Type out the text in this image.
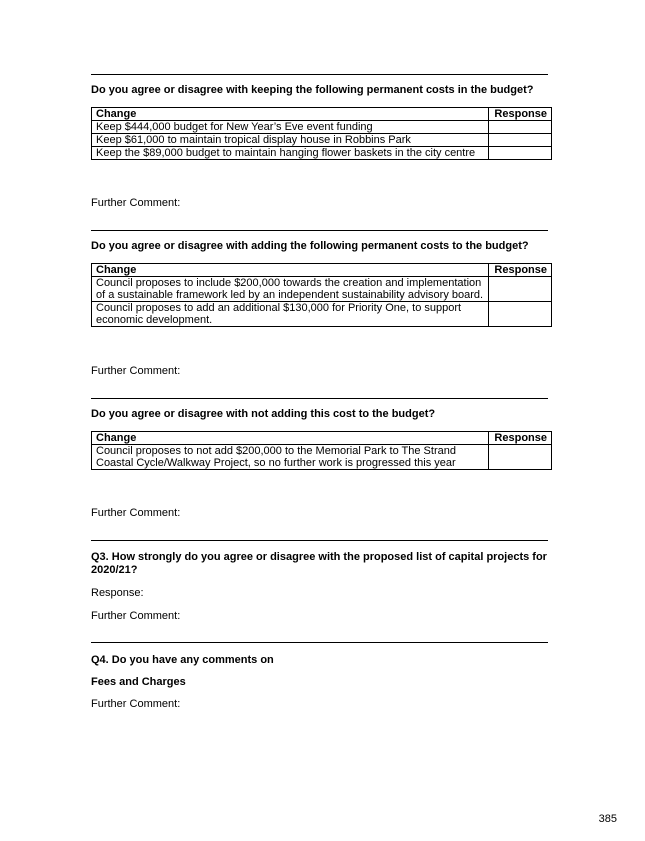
Do you agree or disagree with keeping the following permanent costs in the budget?
Change	Response
Keep $444,000 budget for New Year’s Eve event funding	
Keep $61,000 to maintain tropical display house in Robbins Park	
Keep the $89,000 budget to maintain hanging flower baskets in the city centre	
Further Comment:
Do you agree or disagree with adding the following permanent costs to the budget?
Change	Response
Council proposes to include $200,000 towards the creation and implementation of a sustainable framework led by an independent sustainability advisory board.	
Council proposes to add an additional $130,000 for Priority One, to support economic development.	
Further Comment:
Do you agree or disagree with not adding this cost to the budget?
Change	Response
Council proposes to not add $200,000 to the Memorial Park to The Strand Coastal Cycle/Walkway Project, so no further work is progressed this year	
Further Comment:
Q3. How strongly do you agree or disagree with the proposed list of capital projects for 2020/21?
Response:
Further Comment:
Q4. Do you have any comments on
Fees and Charges
Further Comment:
385
